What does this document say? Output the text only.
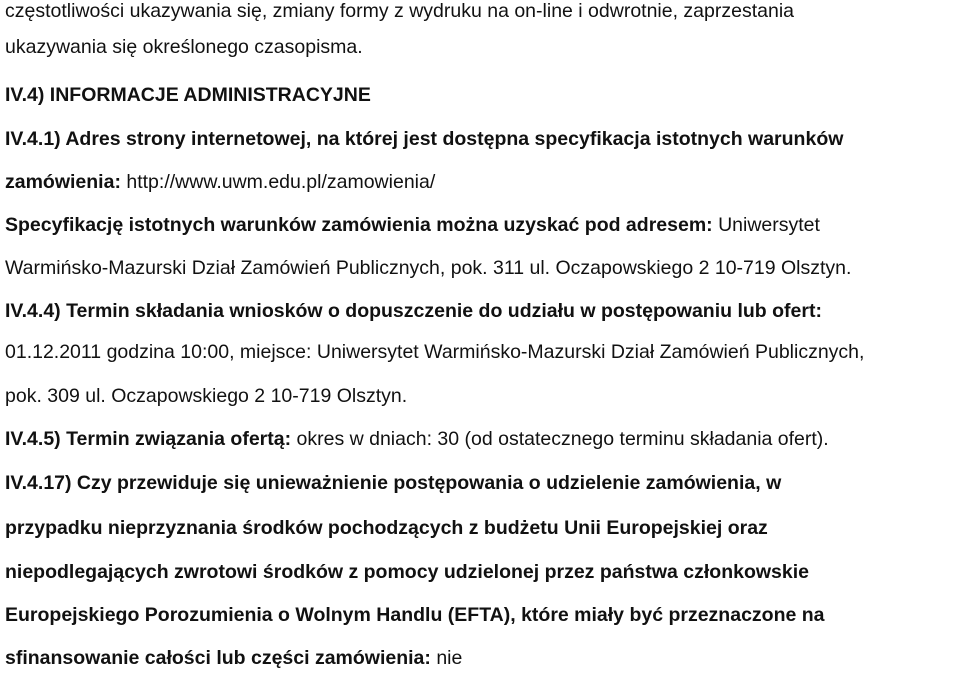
częstotliwości ukazywania się, zmiany formy z wydruku na on-line i odwrotnie, zaprzestania
ukazywania się określonego czasopisma.
IV.4) INFORMACJE ADMINISTRACYJNE
IV.4.1) Adres strony internetowej, na której jest dostępna specyfikacja istotnych warunków
zamówienia: http://www.uwm.edu.pl/zamowienia/
Specyfikację istotnych warunków zamówienia można uzyskać pod adresem: Uniwersytet
Warmińsko-Mazurski Dział Zamówień Publicznych, pok. 311 ul. Oczapowskiego 2 10-719 Olsztyn.
IV.4.4) Termin składania wniosków o dopuszczenie do udziału w postępowaniu lub ofert:
01.12.2011 godzina 10:00, miejsce: Uniwersytet Warmińsko-Mazurski Dział Zamówień Publicznych,
pok. 309 ul. Oczapowskiego 2 10-719 Olsztyn.
IV.4.5) Termin związania ofertą: okres w dniach: 30 (od ostatecznego terminu składania ofert).
IV.4.17) Czy przewiduje się unieważnienie postępowania o udzielenie zamówienia, w
przypadku nieprzyznania środków pochodzących z budżetu Unii Europejskiej oraz
niepodlegających zwrotowi środków z pomocy udzielonej przez państwa członkowskie
Europejskiego Porozumienia o Wolnym Handlu (EFTA), które miały być przeznaczone na
sfinansowanie całości lub części zamówienia: nie
